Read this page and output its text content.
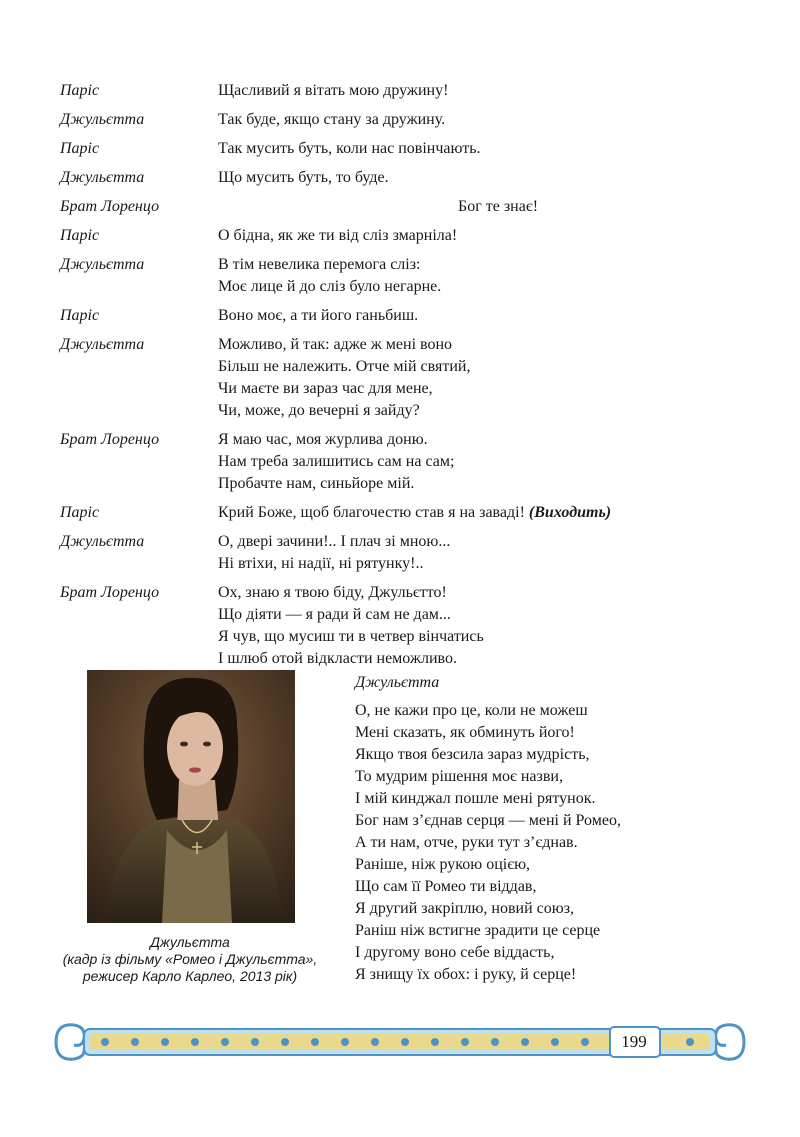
Паріс	Щасливий я вітать мою дружину!
Джульєтта	Так буде, якщо стану за дружину.
Паріс	Так мусить буть, коли нас повінчають.
Джульєтта	Що мусить буть, то буде.
Брат Лоренцо	Бог те знає!
Паріс	О бідна, як же ти від сліз змарніла!
Джульєтта	В тім невелика перемога сліз:
Моє лице й до сліз було негарне.
Паріс	Воно моє, а ти його ганьбиш.
Джульєтта	Можливо, й так: адже ж мені воно
Більш не належить. Отче мій святий,
Чи маєте ви зараз час для мене,
Чи, може, до вечерні я зайду?
Брат Лоренцо	Я маю час, моя журлива доню.
Нам треба залишитись сам на сам;
Пробачте нам, синьйоре мій.
Паріс	Крий Боже, щоб благочестю став я на заваді! (Виходить)
Джульєтта	О, двері зачини!.. І плач зі мною...
Ні втіхи, ні надії, ні рятунку!..
Брат Лоренцо	Ох, знаю я твою біду, Джульєтто!
Що діяти — я ради й сам не дам...
Я чув, що мусиш ти в четвер вінчатись
І шлюб отой відкласти неможливо.
Джульєтта
(кадр із фільму «Ромео і Джульєтта»,
режисер Карло Карлео, 2013 рік)
Джульєтта
О, не кажи про це, коли не можеш
Мені сказать, як обминуть його!
Якщо твоя безсила зараз мудрість,
То мудрим рішення моє назви,
І мій кинджал пошле мені рятунок.
Бог нам з’єднав серця — мені й Ромео,
А ти нам, отче, руки тут з’єднав.
Раніше, ніж рукою оцією,
Що сам її Ромео ти віддав,
Я другий закріплю, новий союз,
Раніш ніж встигне зрадити це серце
І другому воно себе віддасть,
Я знищу їх обох: і руку, й серце!
199
